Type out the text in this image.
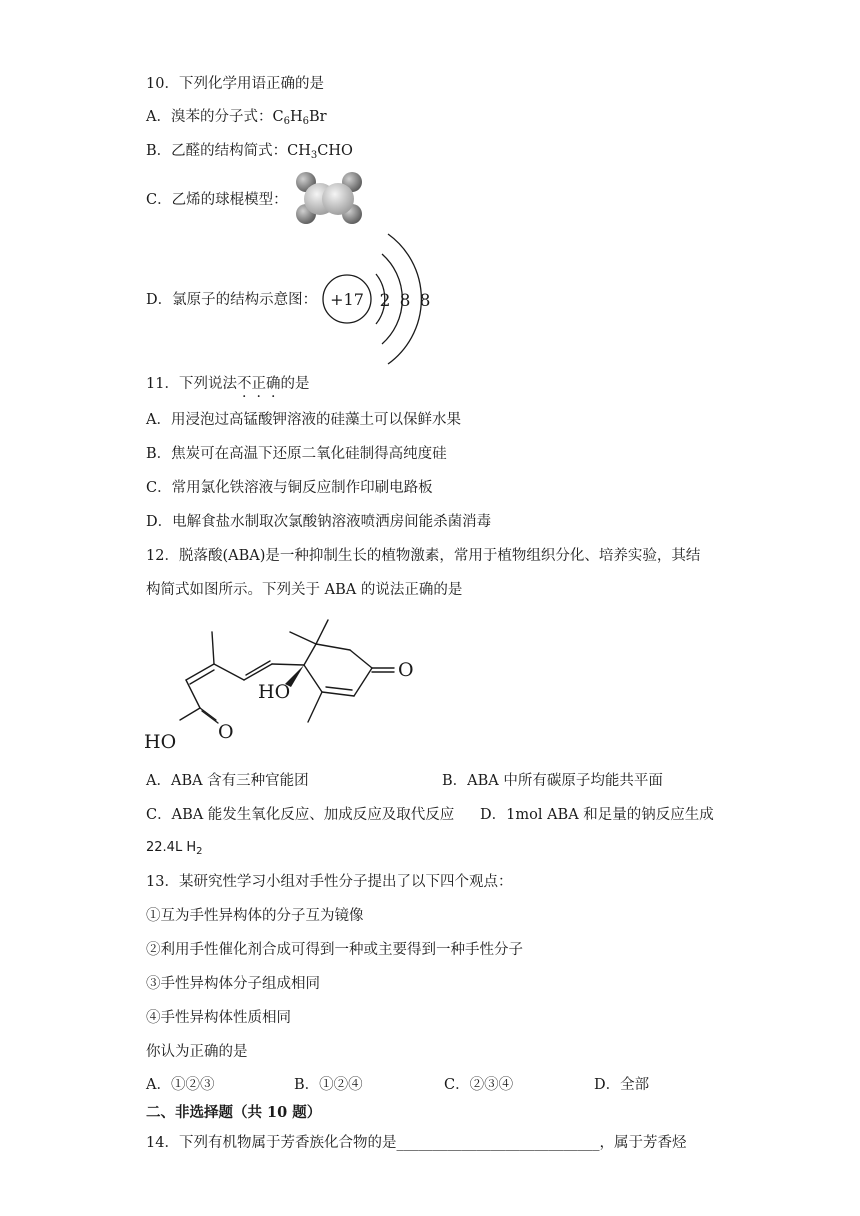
10．下列化学用语正确的是
A．溴苯的分子式：$C_6H_6Br$
B．乙醛的结构简式：$CH_3CHO$
C．乙烯的球棍模型：
D．氯原子的结构示意图： +17 2 8 8
11．下列说法不正确的是
A．用浸泡过高锰酸钾溶液的硅藻土可以保鲜水果
B．焦炭可在高温下还原二氧化硅制得高纯度硅
C．常用氯化铁溶液与铜反应制作印刷电路板
D．电解食盐水制取次氯酸钠溶液喷洒房间能杀菌消毒
12．脱落酸(ABA)是一种抑制生长的植物激素，常用于植物组织分化、培养实验，其结
构简式如图所示。下列关于 ABA 的说法正确的是
O
HO
HO O
A．ABA 含有三种官能团	B．ABA 中所有碳原子均能共平面
C．ABA 能发生氧化反应、加成反应及取代反应 D．1mol ABA 和足量的钠反应生成
22.4L $H_2$
13．某研究性学习小组对手性分子提出了以下四个观点：
①互为手性异构体的分子互为镜像
②利用手性催化剂合成可得到一种或主要得到一种手性分子
③手性异构体分子组成相同
④手性异构体性质相同
你认为正确的是
A．①②③	B．①②④	C．②③④	D．全部
二、非选择题（共 10 题）
14．下列有机物属于芳香族化合物的是____________________________，属于芳香烃
